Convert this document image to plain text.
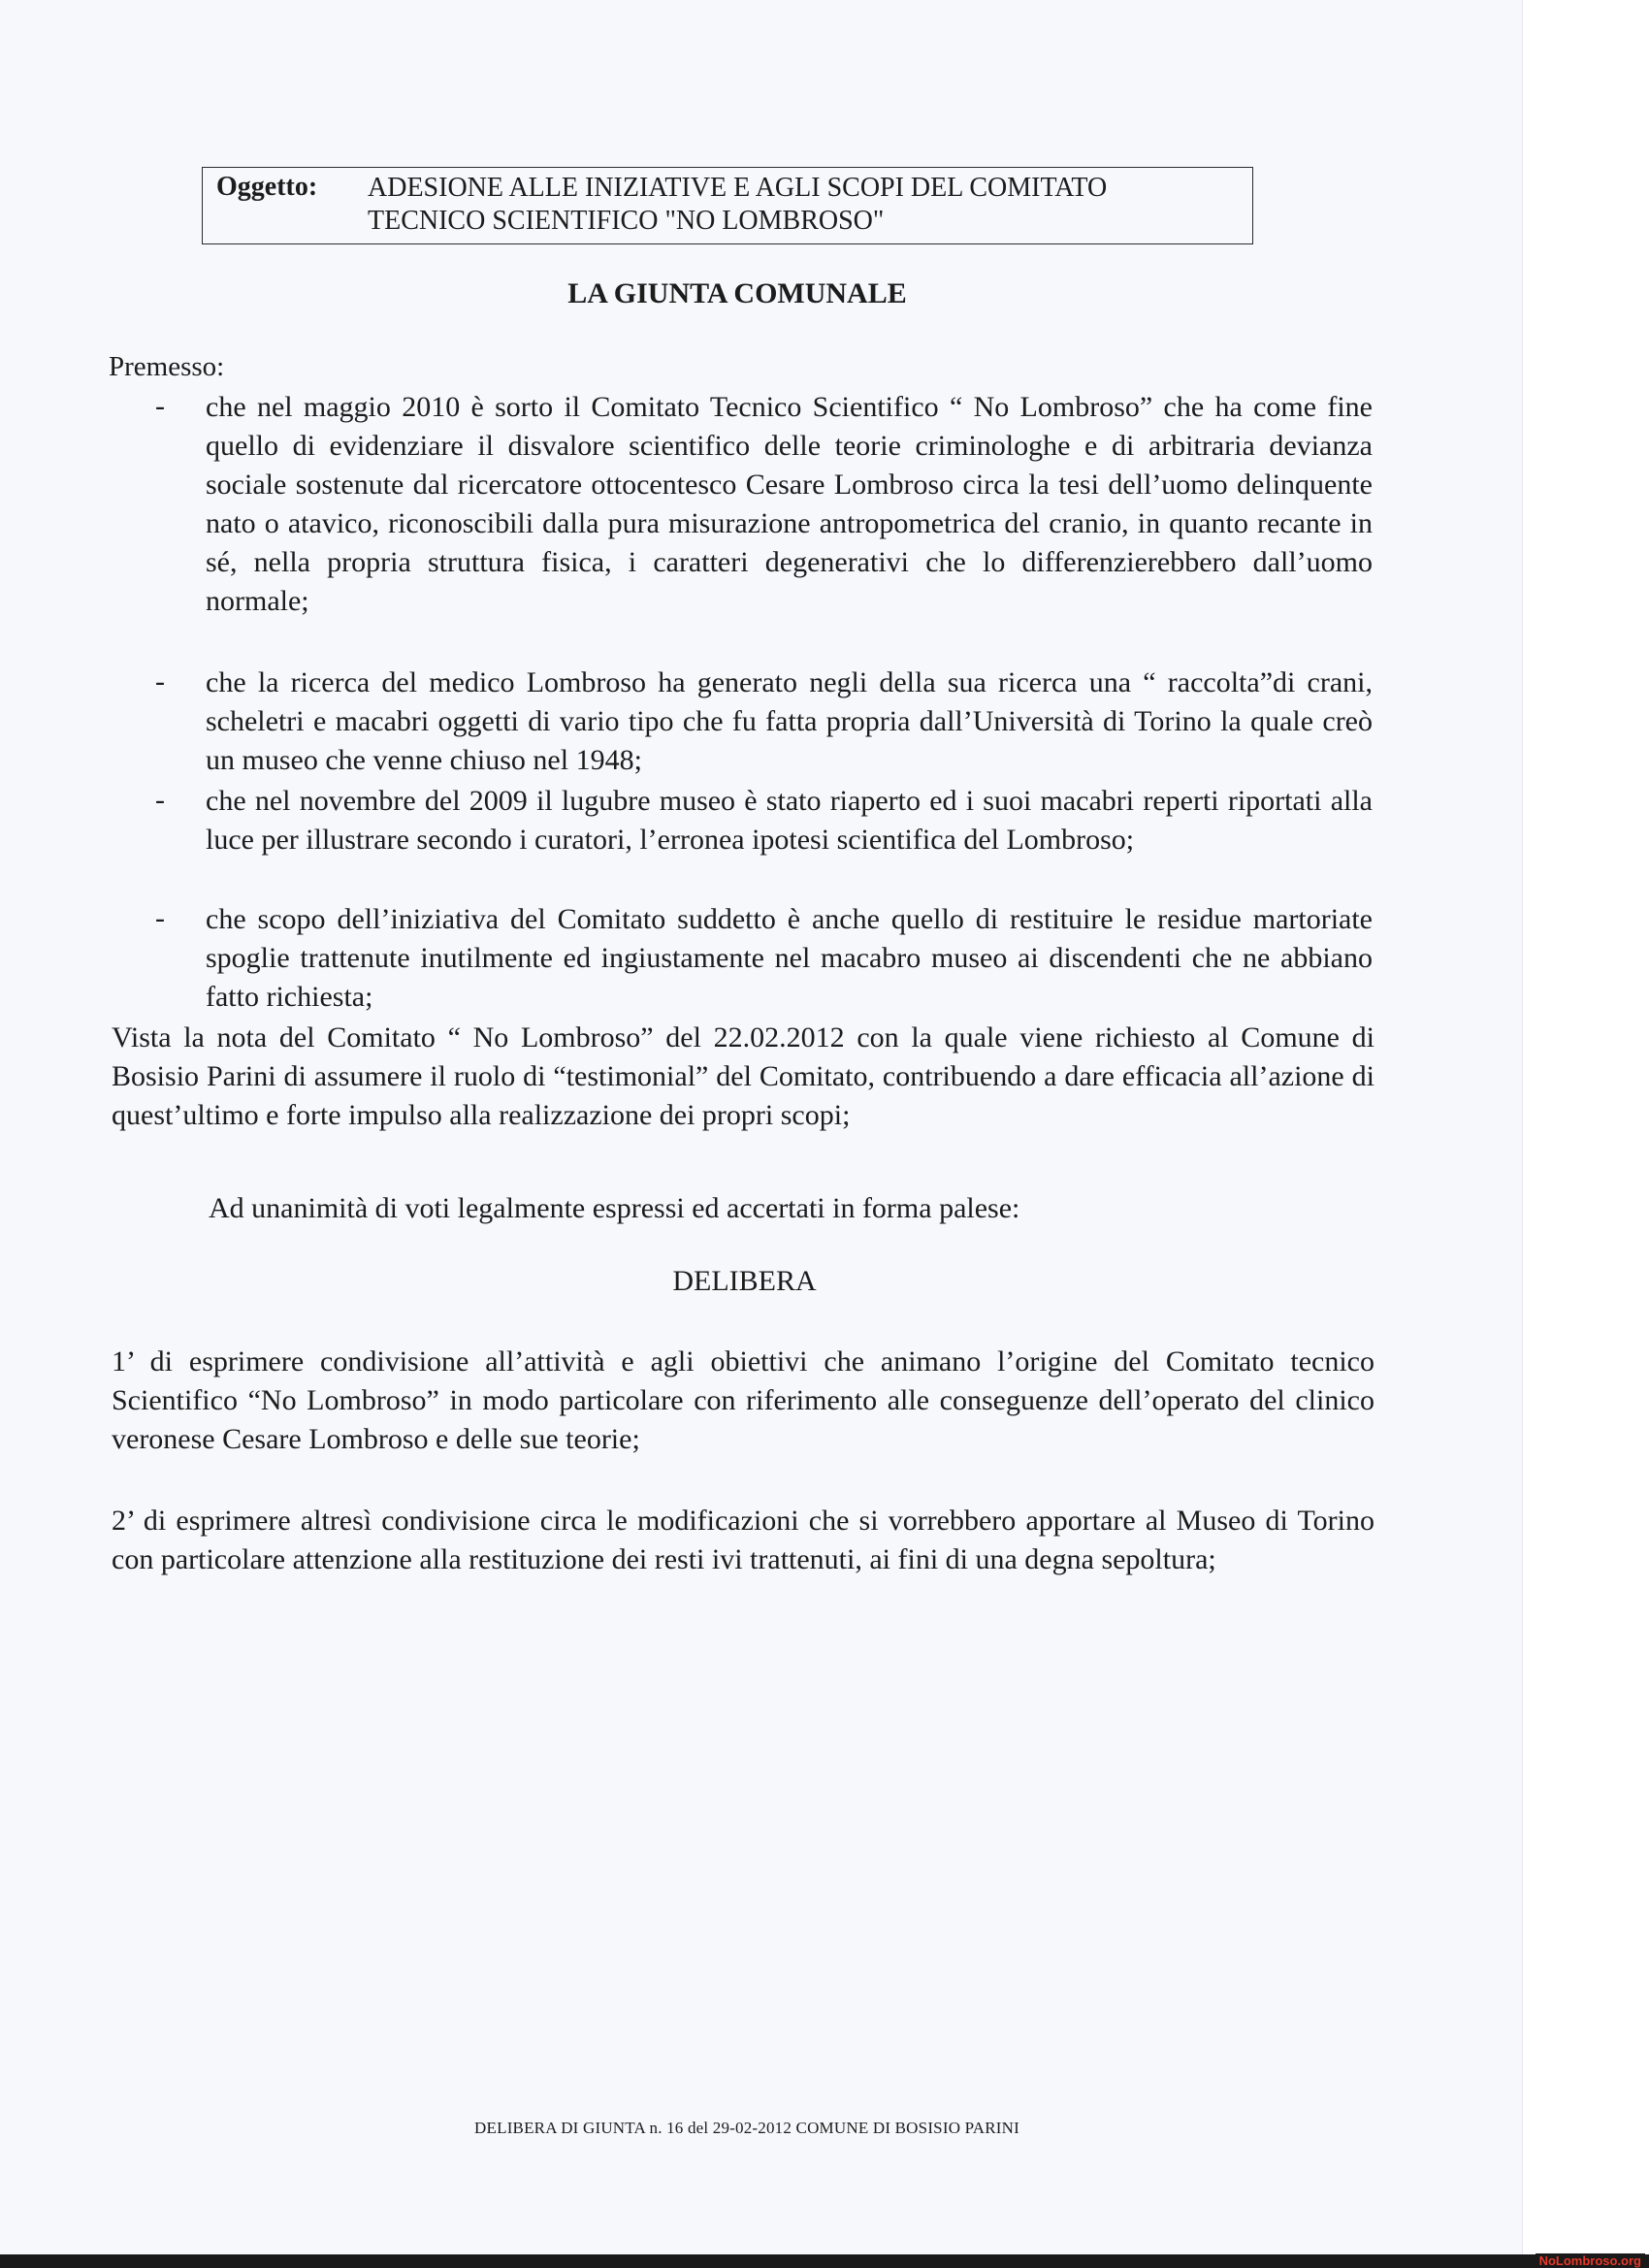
Oggetto: ADESIONE ALLE INIZIATIVE E AGLI SCOPI DEL COMITATO
TECNICO SCIENTIFICO "NO LOMBROSO"
LA GIUNTA COMUNALE
Premesso:
- che nel maggio 2010 è sorto il Comitato Tecnico Scientifico “ No Lombroso” che ha come fine quello di evidenziare il disvalore scientifico delle teorie criminologhe e di arbitraria devianza sociale sostenute dal ricercatore ottocentesco Cesare Lombroso circa la tesi dell’uomo delinquente nato o atavico, riconoscibili dalla pura misurazione antropometrica del cranio, in quanto recante in sé, nella propria struttura fisica, i caratteri degenerativi che lo differenzierebbero dall’uomo normale;
- che la ricerca del medico Lombroso ha generato negli della sua ricerca una “ raccolta”di crani, scheletri e macabri oggetti di vario tipo che fu fatta propria dall’Università di Torino la quale creò un museo che venne chiuso nel 1948;
- che nel novembre del 2009 il lugubre museo è stato riaperto ed i suoi macabri reperti riportati alla luce per illustrare secondo i curatori, l’erronea ipotesi scientifica del Lombroso;
- che scopo dell’iniziativa del Comitato suddetto è anche quello di restituire le residue martoriate spoglie trattenute inutilmente ed ingiustamente nel macabro museo ai discendenti che ne abbiano fatto richiesta;
Vista la nota del Comitato “ No Lombroso” del 22.02.2012 con la quale viene richiesto al Comune di Bosisio Parini di assumere il ruolo di “testimonial” del Comitato, contribuendo a dare efficacia all’azione di quest’ultimo e forte impulso alla realizzazione dei propri scopi;
Ad unanimità di voti legalmente espressi ed accertati in forma palese:
DELIBERA
1’ di esprimere condivisione all’attività e agli obiettivi che animano l’origine del Comitato tecnico Scientifico “No Lombroso” in modo particolare con riferimento alle conseguenze dell’operato del clinico veronese Cesare Lombroso e delle sue teorie;
2’ di esprimere altresì condivisione circa le modificazioni che si vorrebbero apportare al Museo di Torino con particolare attenzione alla restituzione dei resti ivi trattenuti, ai fini di una degna sepoltura;
DELIBERA DI GIUNTA n. 16 del 29-02-2012 COMUNE DI BOSISIO PARINI
NoLombroso.org
